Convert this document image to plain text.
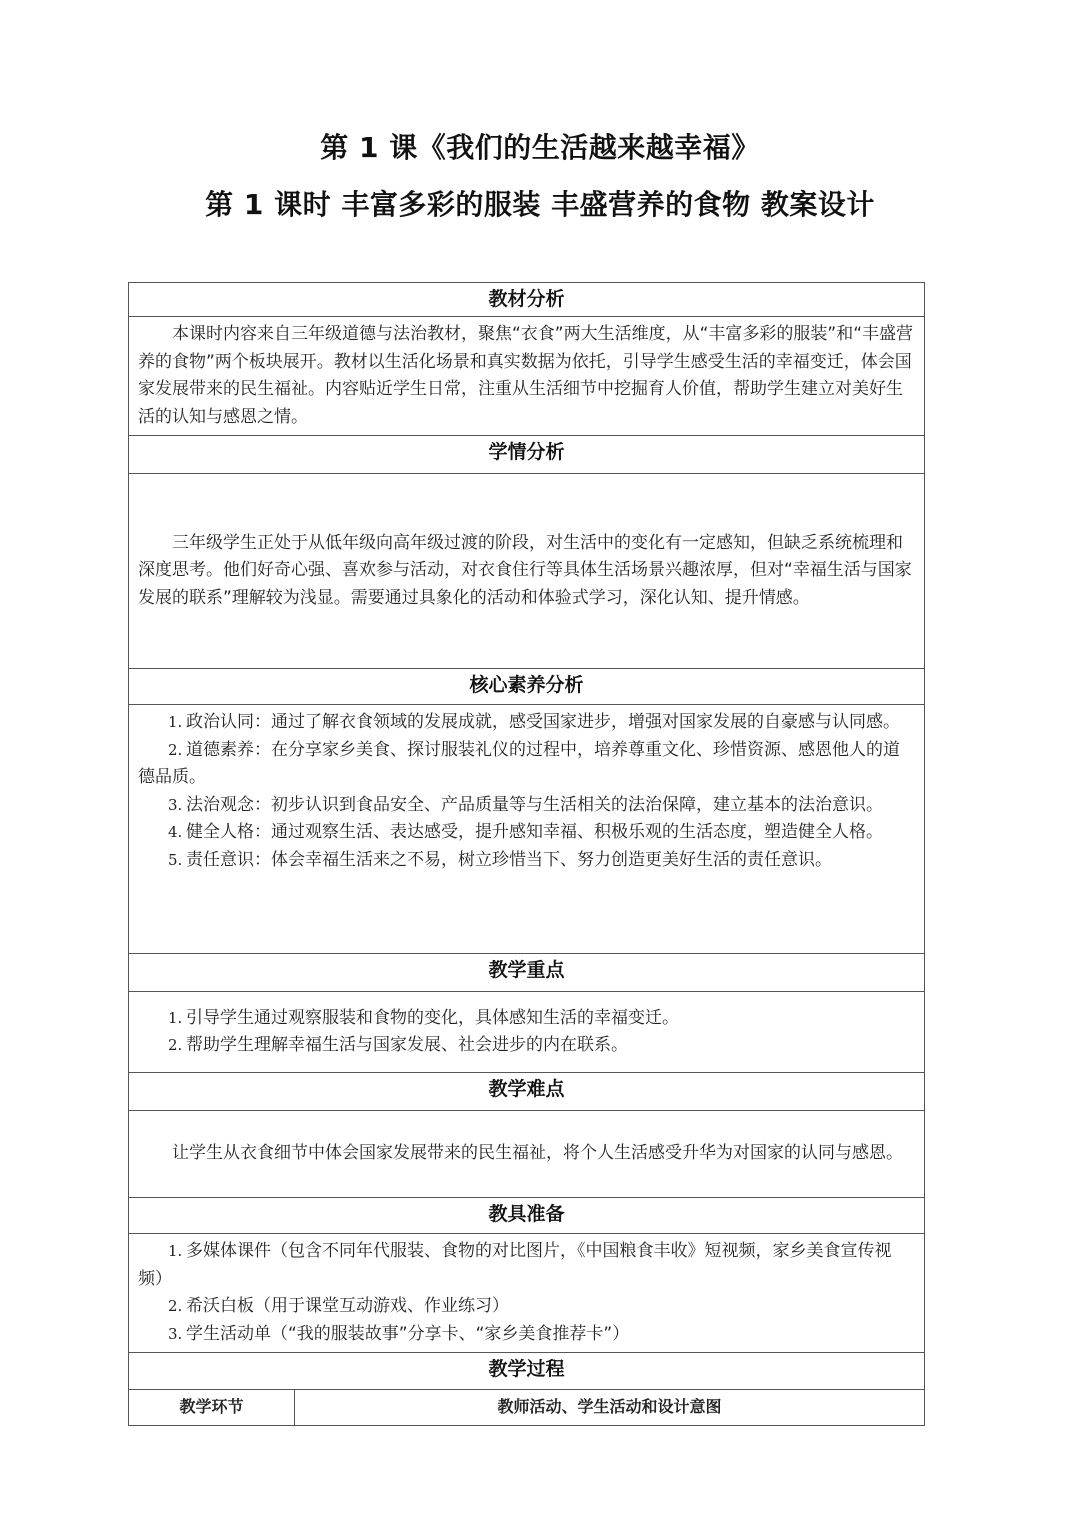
第 1 课《我们的生活越来越幸福》
第 1 课时 丰富多彩的服装 丰盛营养的食物 教案设计
教材分析

本课时内容来自三年级道德与法治教材，聚焦“衣食”两大生活维度，从“丰富多彩的服装”和“丰盛营养的食物”两个板块展开。教材以生活化场景和真实数据为依托，引导学生感受生活的幸福变迁，体会国家发展带来的民生福祉。内容贴近学生日常，注重从生活细节中挖掘育人价值，帮助学生建立对美好生活的认知与感恩之情。

学情分析

三年级学生正处于从低年级向高年级过渡的阶段，对生活中的变化有一定感知，但缺乏系统梳理和深度思考。他们好奇心强、喜欢参与活动，对衣食住行等具体生活场景兴趣浓厚，但对“幸福生活与国家发展的联系”理解较为浅显。需要通过具象化的活动和体验式学习，深化认知、提升情感。

核心素养分析

1. 政治认同：通过了解衣食领域的发展成就，感受国家进步，增强对国家发展的自豪感与认同感。

2. 道德素养：在分享家乡美食、探讨服装礼仪的过程中，培养尊重文化、珍惜资源、感恩他人的道德品质。

3. 法治观念：初步认识到食品安全、产品质量等与生活相关的法治保障，建立基本的法治意识。

4. 健全人格：通过观察生活、表达感受，提升感知幸福、积极乐观的生活态度，塑造健全人格。

5. 责任意识：体会幸福生活来之不易，树立珍惜当下、努力创造更美好生活的责任意识。

教学重点

1. 引导学生通过观察服装和食物的变化，具体感知生活的幸福变迁。

2. 帮助学生理解幸福生活与国家发展、社会进步的内在联系。

教学难点

让学生从衣食细节中体会国家发展带来的民生福祉，将个人生活感受升华为对国家的认同与感恩。

教具准备

1. 多媒体课件（包含不同年代服装、食物的对比图片，《中国粮食丰收》短视频，家乡美食宣传视频）

2. 希沃白板（用于课堂互动游戏、作业练习）

3. 学生活动单（“我的服装故事”分享卡、“家乡美食推荐卡”）

教学过程
教学环节	教师活动、学生活动和设计意图
